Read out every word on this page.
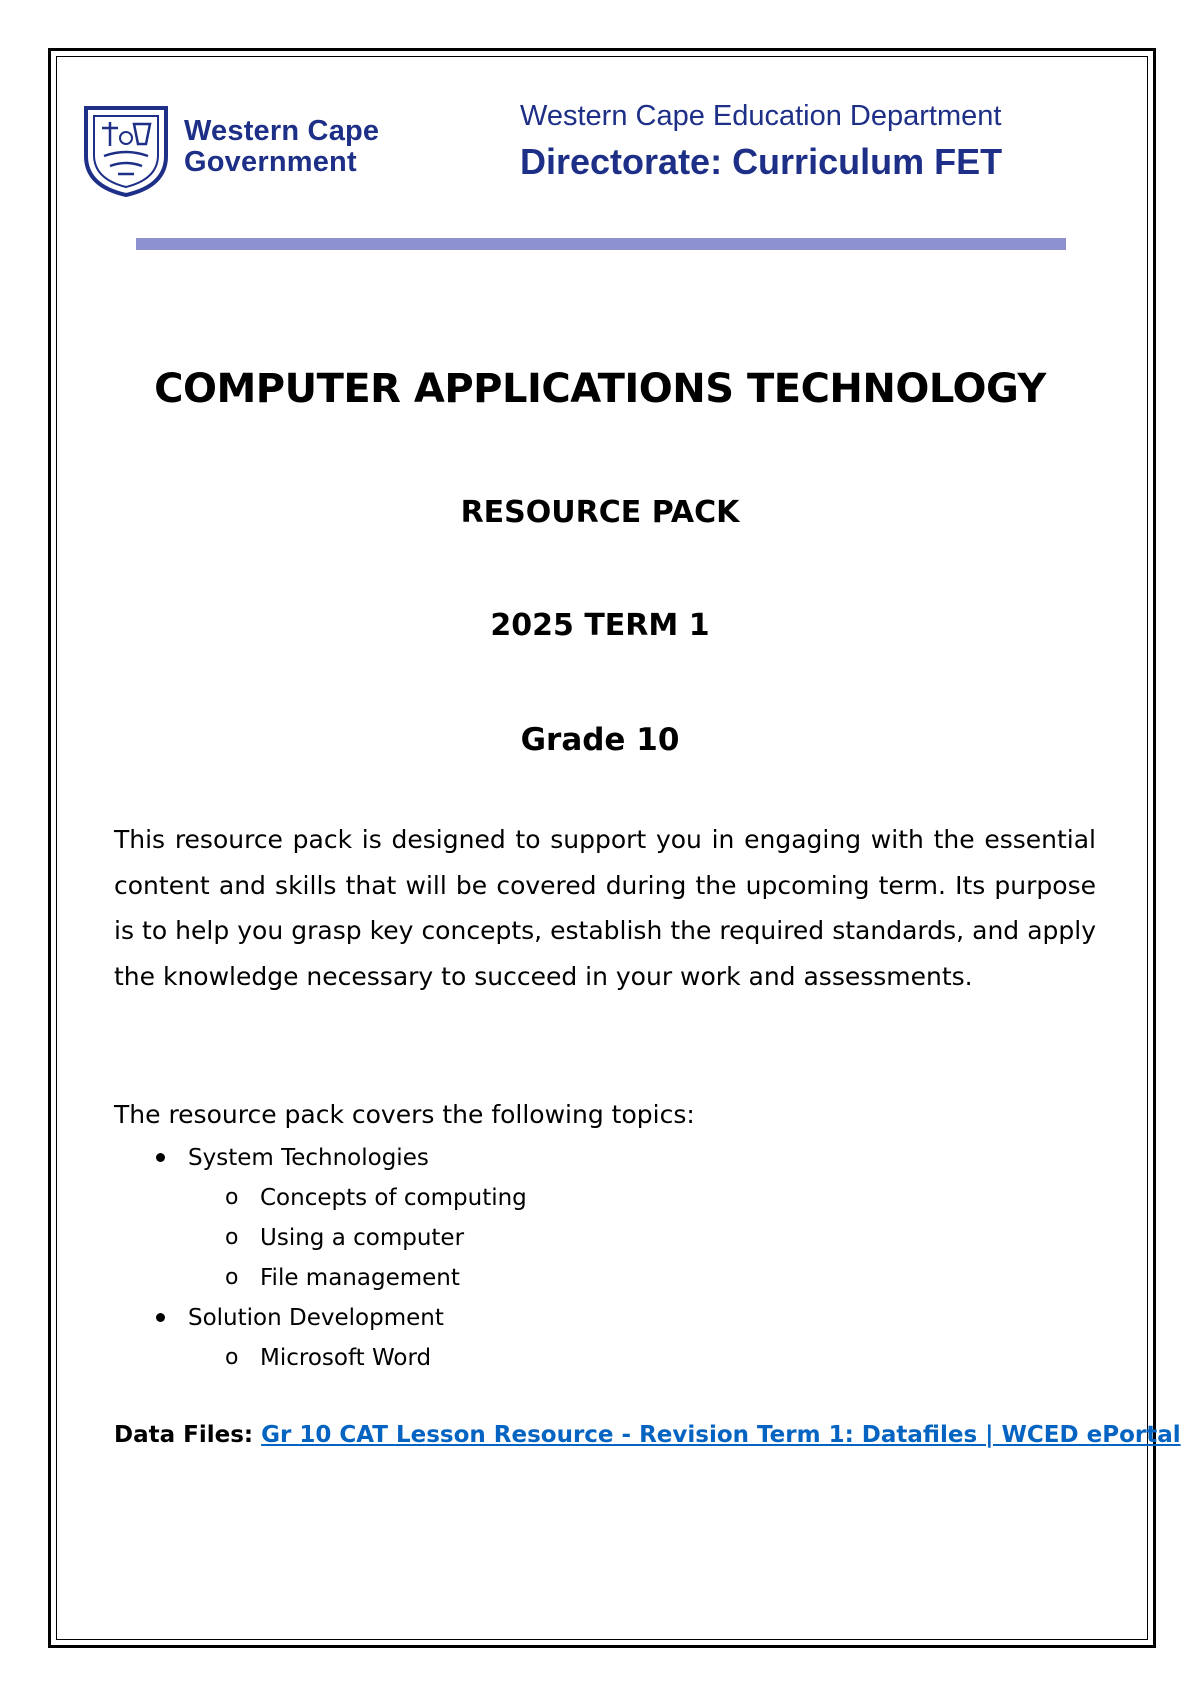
Western Cape
Government
Western Cape Education Department
Directorate: Curriculum FET
COMPUTER APPLICATIONS TECHNOLOGY
RESOURCE PACK
2025 TERM 1
Grade 10
This resource pack is designed to support you in engaging with the essential content and skills that will be covered during the upcoming term. Its purpose is to help you grasp key concepts, establish the required standards, and apply the knowledge necessary to succeed in your work and assessments.
The resource pack covers the following topics:
System Technologies
o Concepts of computing
o Using a computer
o File management
Solution Development
o Microsoft Word
Data Files: Gr 10 CAT Lesson Resource - Revision Term 1: Datafiles | WCED ePortal
